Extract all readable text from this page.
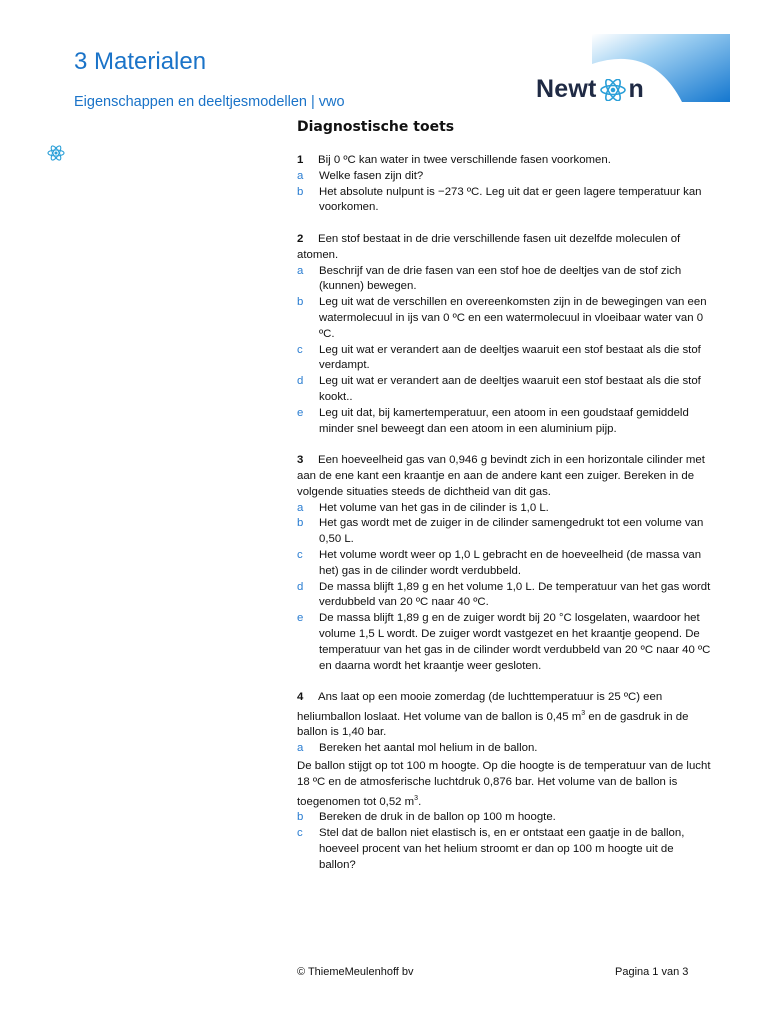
3 Materialen
Eigenschappen en deeltjesmodellen | vwo	Newt n
Diagnostische toets
1 Bij 0 ºC kan water in twee verschillende fasen voorkomen.
a	Welke fasen zijn dit?
b	Het absolute nulpunt is −273 ºC. Leg uit dat er geen lagere temperatuur kan voorkomen.
2 Een stof bestaat in de drie verschillende fasen uit dezelfde moleculen of atomen.
a	Beschrijf van de drie fasen van een stof hoe de deeltjes van de stof zich (kunnen) bewegen.
b	Leg uit wat de verschillen en overeenkomsten zijn in de bewegingen van een watermolecuul in ijs van 0 ºC en een watermolecuul in vloeibaar water van 0 ºC.
c	Leg uit wat er verandert aan de deeltjes waaruit een stof bestaat als die stof verdampt.
d	Leg uit wat er verandert aan de deeltjes waaruit een stof bestaat als die stof kookt..
e	Leg uit dat, bij kamertemperatuur, een atoom in een goudstaaf gemiddeld minder snel beweegt dan een atoom in een aluminium pijp.
3 Een hoeveelheid gas van 0,946 g bevindt zich in een horizontale cilinder met aan de ene kant een kraantje en aan de andere kant een zuiger. Bereken in de volgende situaties steeds de dichtheid van dit gas.
a	Het volume van het gas in de cilinder is 1,0 L.
b	Het gas wordt met de zuiger in de cilinder samengedrukt tot een volume van 0,50 L.
c	Het volume wordt weer op 1,0 L gebracht en de hoeveelheid (de massa van het) gas in de cilinder wordt verdubbeld.
d	De massa blijft 1,89 g en het volume 1,0 L. De temperatuur van het gas wordt verdubbeld van 20 ºC naar 40 ºC.
e	De massa blijft 1,89 g en de zuiger wordt bij 20 °C losgelaten, waardoor het volume 1,5 L wordt. De zuiger wordt vastgezet en het kraantje geopend. De temperatuur van het gas in de cilinder wordt verdubbeld van 20 ºC naar 40 ºC en daarna wordt het kraantje weer gesloten.
4 Ans laat op een mooie zomerdag (de luchttemperatuur is 25 ºC) een heliumballon loslaat. Het volume van de ballon is 0,45 $m^3$ en de gasdruk in de ballon is 1,40 bar.
a	Bereken het aantal mol helium in de ballon.
De ballon stijgt op tot 100 m hoogte. Op die hoogte is de temperatuur van de lucht 18 ºC en de atmosferische luchtdruk 0,876 bar. Het volume van de ballon is toegenomen tot 0,52 $m^3$.
b	Bereken de druk in de ballon op 100 m hoogte.
c	Stel dat de ballon niet elastisch is, en er ontstaat een gaatje in de ballon, hoeveel procent van het helium stroomt er dan op 100 m hoogte uit de ballon?
© ThiemeMeulenhoff bv	Pagina 1 van 3
